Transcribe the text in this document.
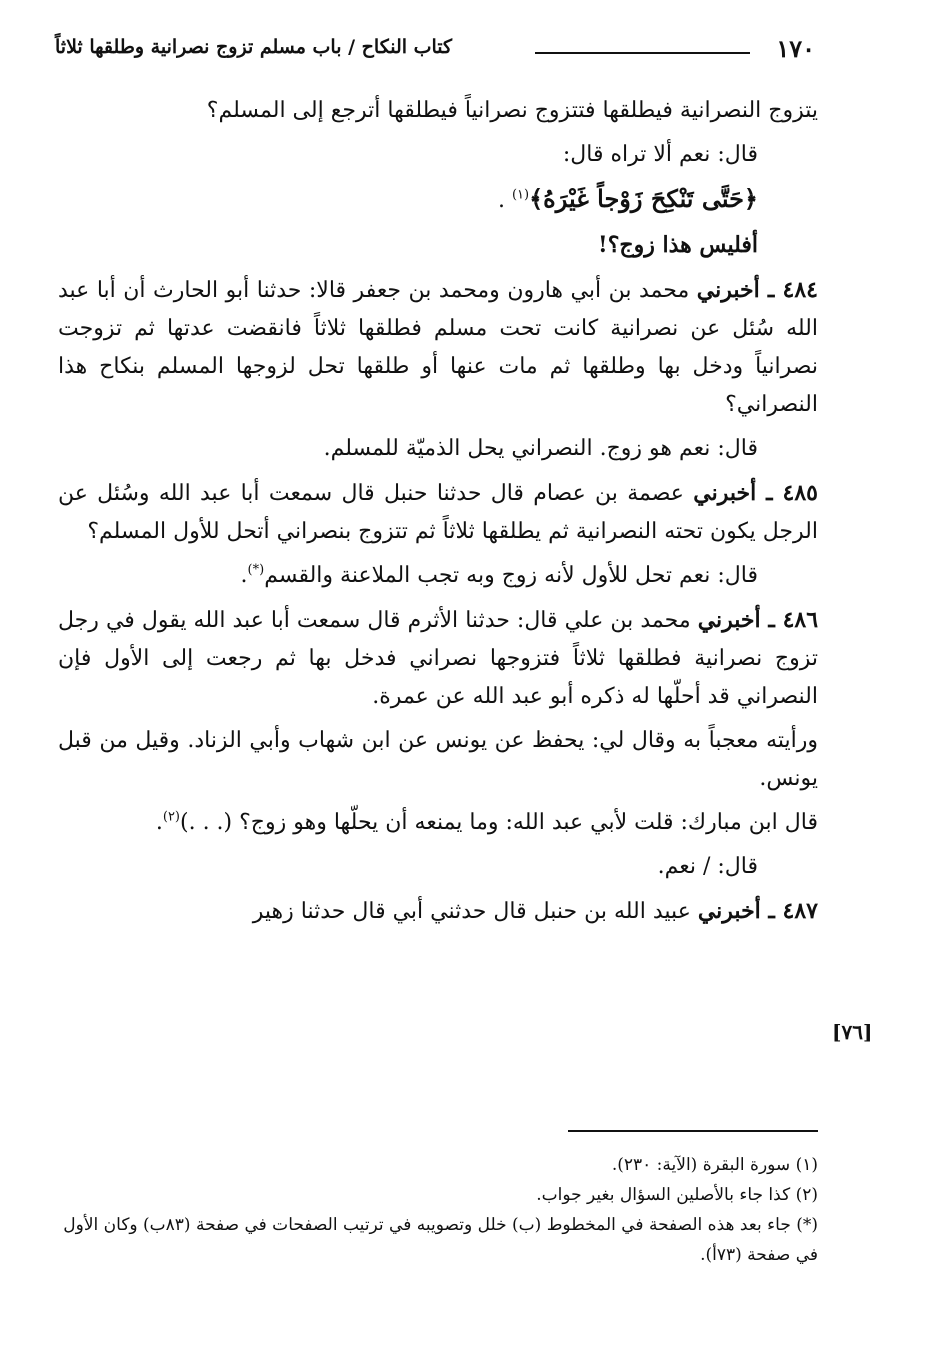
١٧٠
كتاب النكاح / باب مسلم تزوج نصرانية وطلقها ثلاثاً

يتزوج النصرانية فيطلقها فتتزوج نصرانياً فيطلقها أترجع إلى المسلم؟

قال: نعم ألا تراه قال:

﴿حَتَّى تَنْكِحَ زَوْجاً غَيْرَهُ﴾$^{(١)}$ .

أفليس هذا زوج؟!

٤٨٤ ـ أخبرني محمد بن أبي هارون ومحمد بن جعفر قالا: حدثنا أبو الحارث أن أبا عبد الله سُئل عن نصرانية كانت تحت مسلم فطلقها ثلاثاً فانقضت عدتها ثم تزوجت نصرانياً ودخل بها وطلقها ثم مات عنها أو طلقها تحل لزوجها المسلم بنكاح هذا النصراني؟

قال: نعم هو زوج. النصراني يحل الذميّة للمسلم.

٤٨٥ ـ أخبرني عصمة بن عصام قال حدثنا حنبل قال سمعت أبا عبد الله وسُئل عن الرجل يكون تحته النصرانية ثم يطلقها ثلاثاً ثم تتزوج بنصراني أتحل للأول المسلم؟

قال: نعم تحل للأول لأنه زوج وبه تجب الملاعنة والقسم(*).

٤٨٦ ـ أخبرني محمد بن علي قال: حدثنا الأثرم قال سمعت أبا عبد الله يقول في رجل تزوج نصرانية فطلقها ثلاثاً فتزوجها نصراني فدخل بها ثم رجعت إلى الأول فإن النصراني قد أحلّها له ذكره أبو عبد الله عن عمرة.

ورأيته معجباً به وقال لي: يحفظ عن يونس عن ابن شهاب وأبي الزناد. وقيل من قبل يونس.

قال ابن مبارك: قلت لأبي عبد الله: وما يمنعه أن يحلّها وهو زوج؟ (. . .)$^{(٢)}$.

قال: / نعم.

٤٨٧ ـ أخبرني عبيد الله بن حنبل قال حدثني أبي قال حدثنا زهير

[٧٦]
(١) سورة البقرة (الآية: ٢٣٠).
(٢) كذا جاء بالأصلين السؤال بغير جواب.
(*) جاء بعد هذه الصفحة في المخطوط (ب) خلل وتصويبه في ترتيب الصفحات في صفحة (٨٣ب) وكان الأول في صفحة (٧٣أ).
